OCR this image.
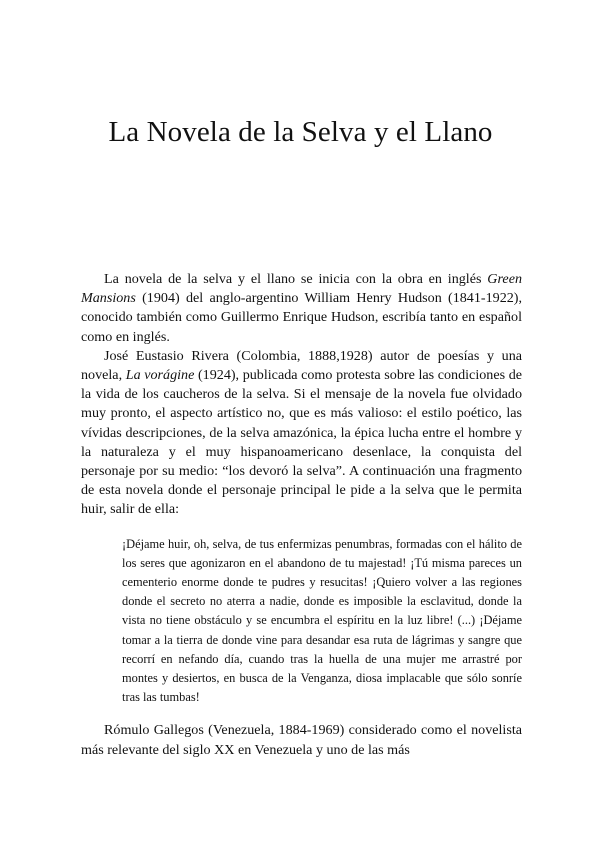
La Novela de la Selva y el Llano

La novela de la selva y el llano se inicia con la obra en inglés Green Mansions (1904) del anglo-argentino William Henry Hudson (1841-1922), conocido también como Guillermo Enrique Hudson, escribía tanto en español como en inglés.

José Eustasio Rivera (Colombia, 1888,1928) autor de poesías y una novela, La vorágine (1924), publicada como protesta sobre las condiciones de la vida de los caucheros de la selva. Si el mensaje de la novela fue olvidado muy pronto, el aspecto artístico no, que es más valioso: el estilo poético, las vívidas descripciones, de la selva amazónica, la épica lucha entre el hombre y la naturaleza y el muy hispanoamericano desenlace, la conquista del personaje por su medio: “los devoró la selva”. A continuación una fragmento de esta novela donde el personaje principal le pide a la selva que le permita huir, salir de ella:

¡Déjame huir, oh, selva, de tus enfermizas penumbras, formadas con el hálito de los seres que agonizaron en el abandono de tu majestad! ¡Tú misma pareces un cementerio enorme donde te pudres y resucitas! ¡Quiero volver a las regiones donde el secreto no aterra a nadie, donde es imposible la esclavitud, donde la vista no tiene obstáculo y se encumbra el espíritu en la luz libre! (...) ¡Déjame tomar a la tierra de donde vine para desandar esa ruta de lágrimas y sangre que recorrí en nefando día, cuando tras la huella de una mujer me arrastré por montes y desiertos, en busca de la Venganza, diosa implacable que sólo sonríe tras las tumbas!

Rómulo Gallegos (Venezuela, 1884-1969) considerado como el novelista más relevante del siglo XX en Venezuela y uno de las más
